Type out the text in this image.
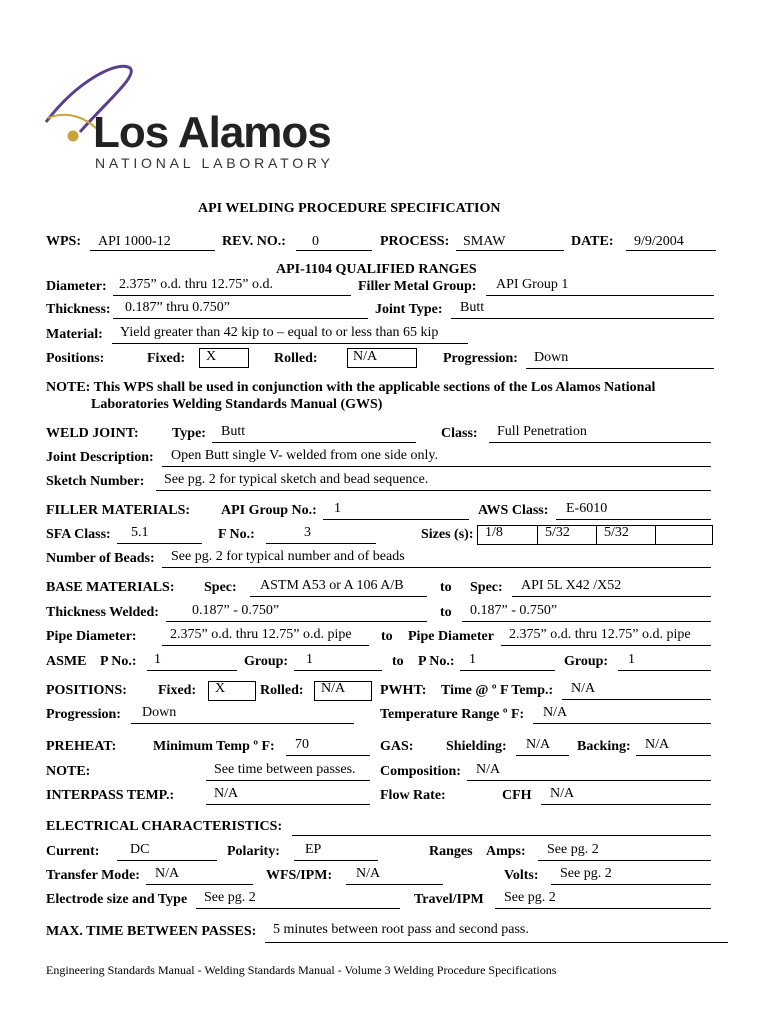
Los Alamos
NATIONAL LABORATORY
API WELDING PROCEDURE SPECIFICATION
WPS: API 1000-12	REV. NO.: 0	PROCESS: SMAW	DATE: 9/9/2004
API-1104 QUALIFIED RANGES
Diameter: 2.375” o.d. thru 12.75” o.d.	Filler Metal Group: API Group 1
Thickness: 0.187” thru 0.750”	Joint Type: Butt
Material: Yield greater than 42 kip to – equal to or less than 65 kip
Positions:	Fixed: X	Rolled:	N/A	Progression: Down
NOTE: This WPS shall be used in conjunction with the applicable sections of the Los Alamos National
Laboratories Welding Standards Manual (GWS)
WELD JOINT: Type: Butt	Class: Full Penetration
Joint Description: Open Butt single V- welded from one side only.
Sketch Number: See pg. 2 for typical sketch and bead sequence.
FILLER MATERIALS: API Group No.: 1	AWS Class: E-6010
SFA Class: 5.1	F No.:	3	Sizes (s): 1/8	5/32 5/32
Number of Beads: See pg. 2 for typical number and of beads
BASE MATERIALS: Spec: ASTM A53 or A 106 A/B	to Spec: API 5L X42 /X52
Thickness Welded: 0.187” - 0.750”	to 0.187” - 0.750”
Pipe Diameter: 2.375” o.d. thru 12.75” o.d. pipe to Pipe Diameter 2.375” o.d. thru 12.75” o.d. pipe
ASME P No.: 1	Group: 1	to P No.: 1	Group: 1
POSITIONS: Fixed: X Rolled: N/A PWHT: Time @ º F Temp.: N/A
Progression: Down	Temperature Range º F: N/A
PREHEAT:	Minimum Temp º F: 70	GAS: Shielding: N/A Backing: N/A
NOTE:	See time between passes. Composition: N/A
INTERPASS TEMP.:	N/A	Flow Rate:	CFH N/A
ELECTRICAL CHARACTERISTICS:
Current: DC	Polarity: EP	Ranges Amps: See pg. 2
Transfer Mode: N/A	WFS/IPM: N/A	Volts: See pg. 2
Electrode size and Type See pg. 2	Travel/IPM See pg. 2
MAX. TIME BETWEEN PASSES: 5 minutes between root pass and second pass.
Engineering Standards Manual - Welding Standards Manual - Volume 3 Welding Procedure Specifications
